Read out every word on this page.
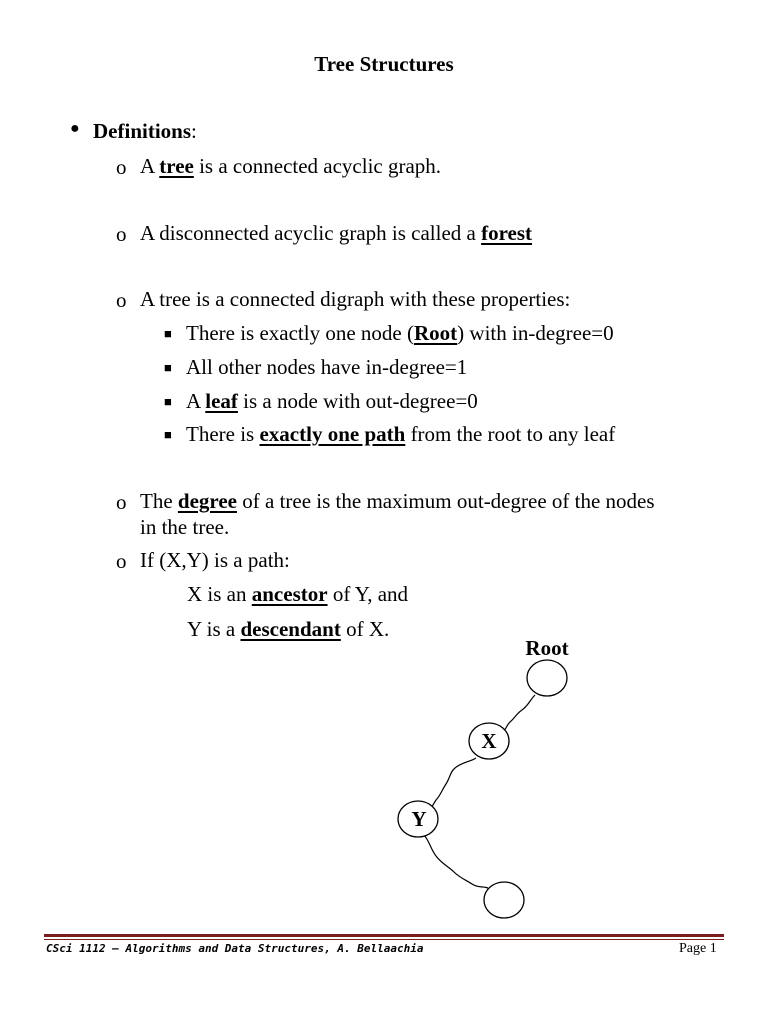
Tree Structures
● Definitions:
o A tree is a connected acyclic graph.
o A disconnected acyclic graph is called a forest
o A tree is a connected digraph with these properties:
■ There is exactly one node (Root) with in-degree=0
■ All other nodes have in-degree=1
■ A leaf is a node with out-degree=0
■ There is exactly one path from the root to any leaf
o The degree of a tree is the maximum out-degree of the nodes
in the tree.
o If (X,Y) is a path:
X is an ancestor of Y, and
Y is a descendant of X.
Root
X
Y
CSci 1112 – Algorithms and Data Structures, A. Bellaachia	Page 1
